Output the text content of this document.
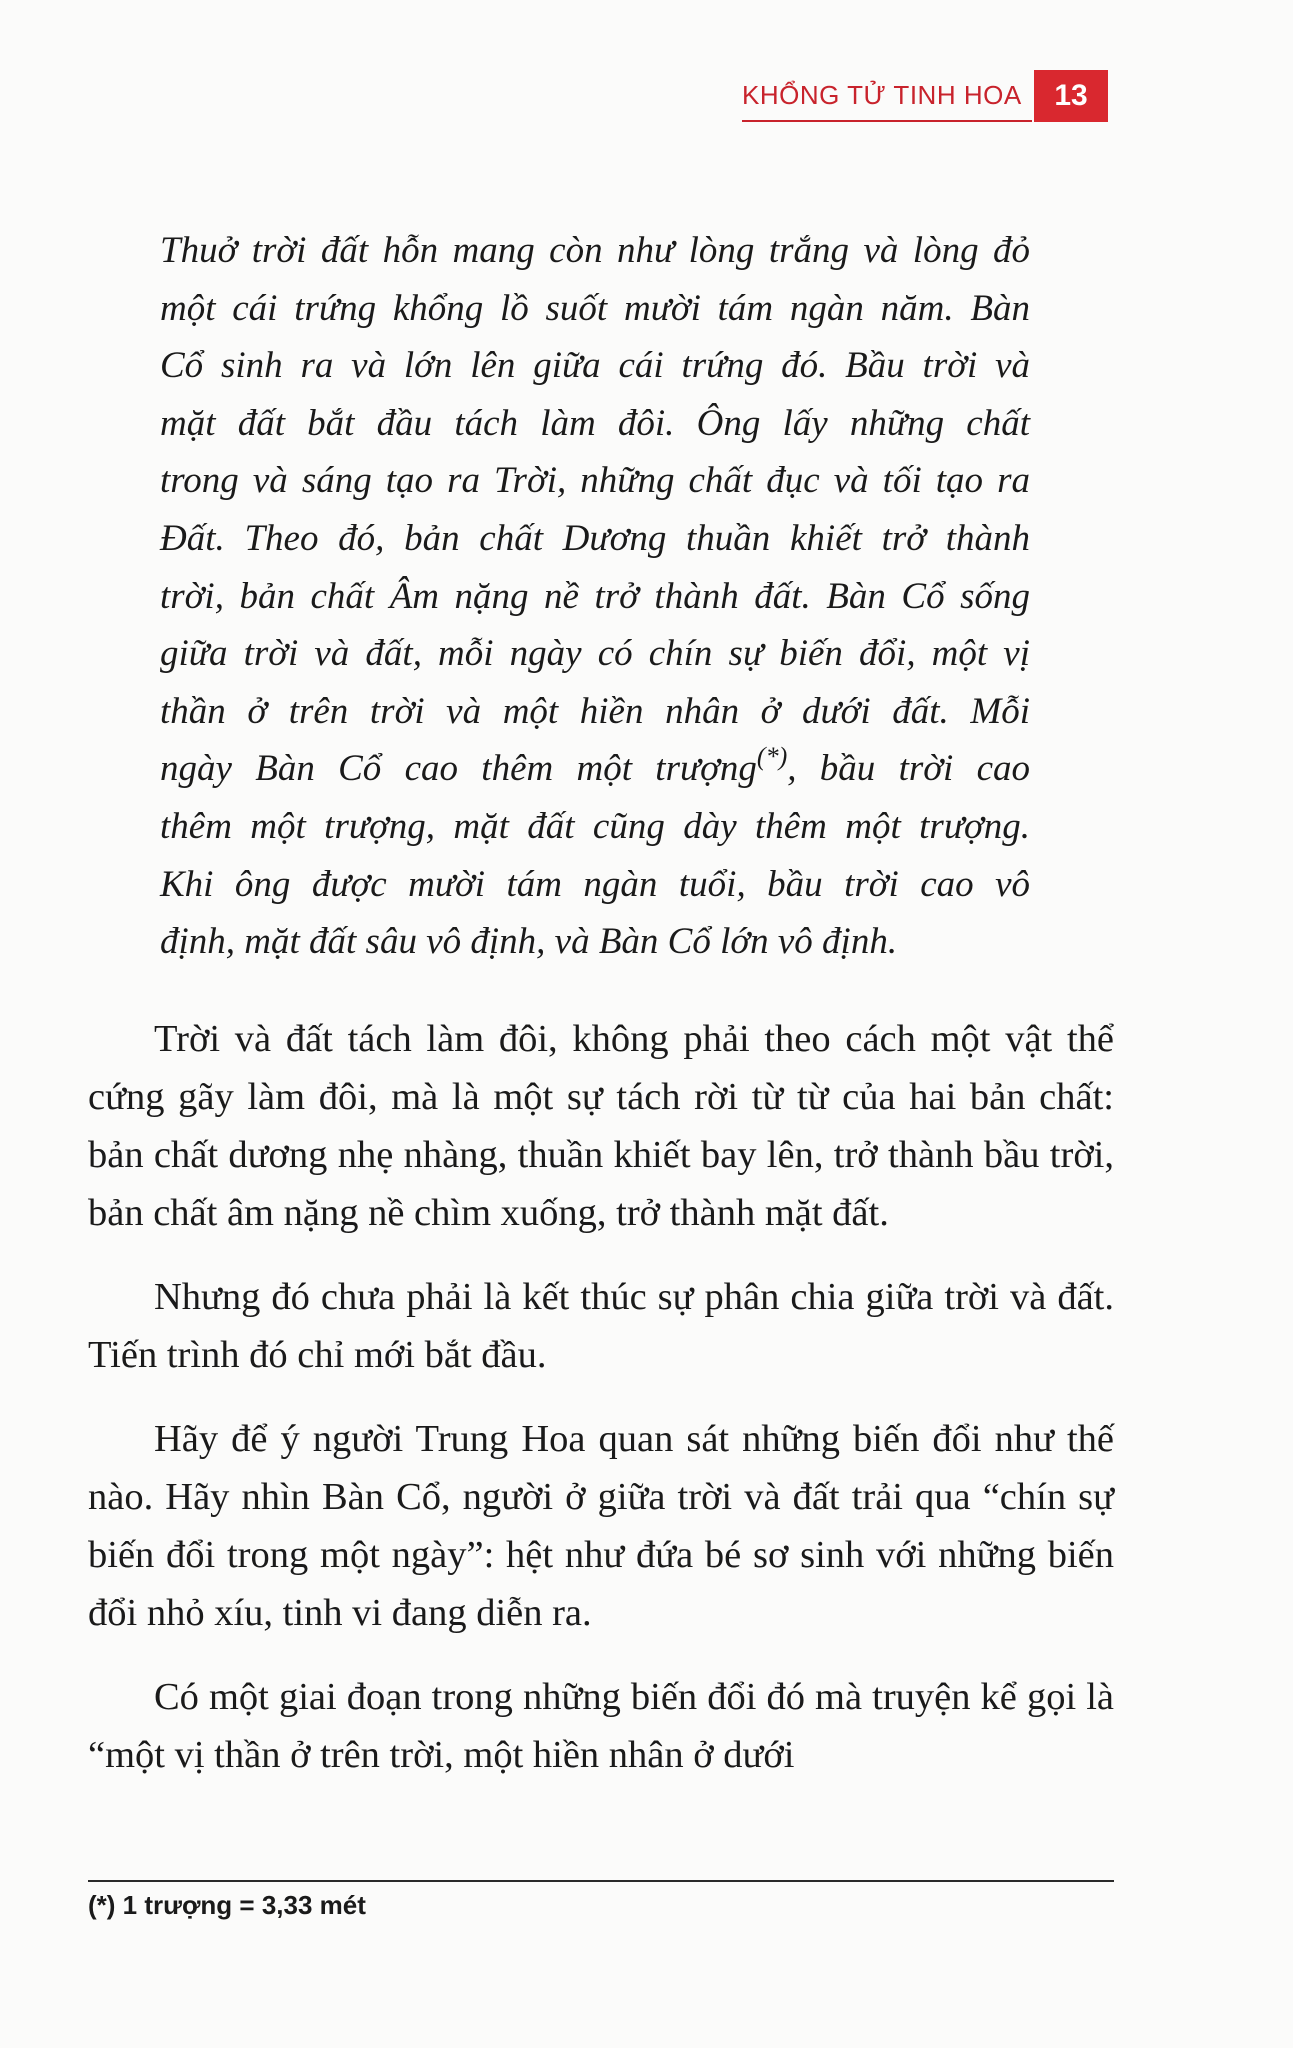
KHỔNG TỬ TINH HOA	13

Thuở trời đất hỗn mang còn như lòng trắng và lòng đỏ

một cái trứng khổng lồ suốt mười tám ngàn năm. Bàn

Cổ sinh ra và lớn lên giữa cái trứng đó. Bầu trời và

mặt đất bắt đầu tách làm đôi. Ông lấy những chất

trong và sáng tạo ra Trời, những chất đục và tối tạo ra

Đất. Theo đó, bản chất Dương thuần khiết trở thành

trời, bản chất Âm nặng nề trở thành đất. Bàn Cổ sống

giữa trời và đất, mỗi ngày có chín sự biến đổi, một vị

thần ở trên trời và một hiền nhân ở dưới đất. Mỗi

ngày Bàn Cổ cao thêm một trượng(*), bầu trời cao

thêm một trượng, mặt đất cũng dày thêm một trượng.

Khi ông được mười tám ngàn tuổi, bầu trời cao vô

định, mặt đất sâu vô định, và Bàn Cổ lớn vô định.

Trời và đất tách làm đôi, không phải theo cách một vật thể cứng gãy làm đôi, mà là một sự tách rời từ từ của hai bản chất: bản chất dương nhẹ nhàng, thuần khiết bay lên, trở thành bầu trời, bản chất âm nặng nề chìm xuống, trở thành mặt đất.

Nhưng đó chưa phải là kết thúc sự phân chia giữa trời và đất. Tiến trình đó chỉ mới bắt đầu.

Hãy để ý người Trung Hoa quan sát những biến đổi như thế nào. Hãy nhìn Bàn Cổ, người ở giữa trời và đất trải qua “chín sự biến đổi trong một ngày”: hệt như đứa bé sơ sinh với những biến đổi nhỏ xíu, tinh vi đang diễn ra.

Có một giai đoạn trong những biến đổi đó mà truyện kể gọi là “một vị thần ở trên trời, một hiền nhân ở dưới

(*) 1 trượng = 3,33 mét
